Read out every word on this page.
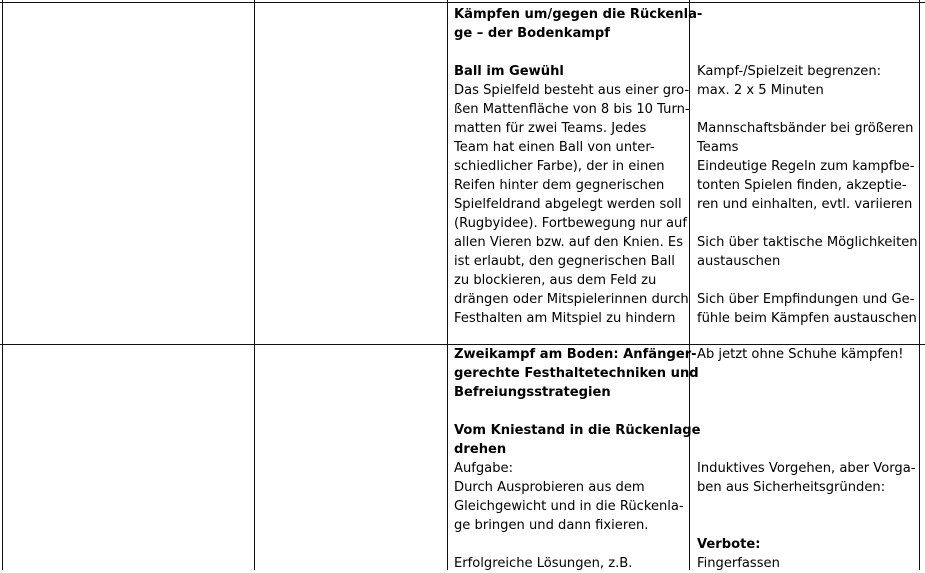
Kämpfen um/gegen die Rückenla-
ge – der Bodenkampf
Ball im Gewühl
Das Spielfeld besteht aus einer gro-
ßen Mattenfläche von 8 bis 10 Turn-
matten für zwei Teams. Jedes
Team hat einen Ball von unter-
schiedlicher Farbe), der in einen
Reifen hinter dem gegnerischen
Spielfeldrand abgelegt werden soll
(Rugbyidee). Fortbewegung nur auf
allen Vieren bzw. auf den Knien. Es
ist erlaubt, den gegnerischen Ball
zu blockieren, aus dem Feld zu
drängen oder Mitspielerinnen durch
Festhalten am Mitspiel zu hindern
Kampf-/Spielzeit begrenzen:
max. 2 x 5 Minuten
Mannschaftsbänder bei größeren
Teams
Eindeutige Regeln zum kampfbe-
tonten Spielen finden, akzeptie-
ren und einhalten, evtl. variieren
Sich über taktische Möglichkeiten
austauschen
Sich über Empfindungen und Ge-
fühle beim Kämpfen austauschen
Zweikampf am Boden: Anfänger-
gerechte Festhaltetechniken und
Befreiungsstrategien
Vom Kniestand in die Rückenlage
drehen
Aufgabe:
Durch Ausprobieren aus dem
Gleichgewicht und in die Rückenla-
ge bringen und dann fixieren.
Erfolgreiche Lösungen, z.B.
Ab jetzt ohne Schuhe kämpfen!
Induktives Vorgehen, aber Vorga-
ben aus Sicherheitsgründen:
Verbote:
Fingerfassen
